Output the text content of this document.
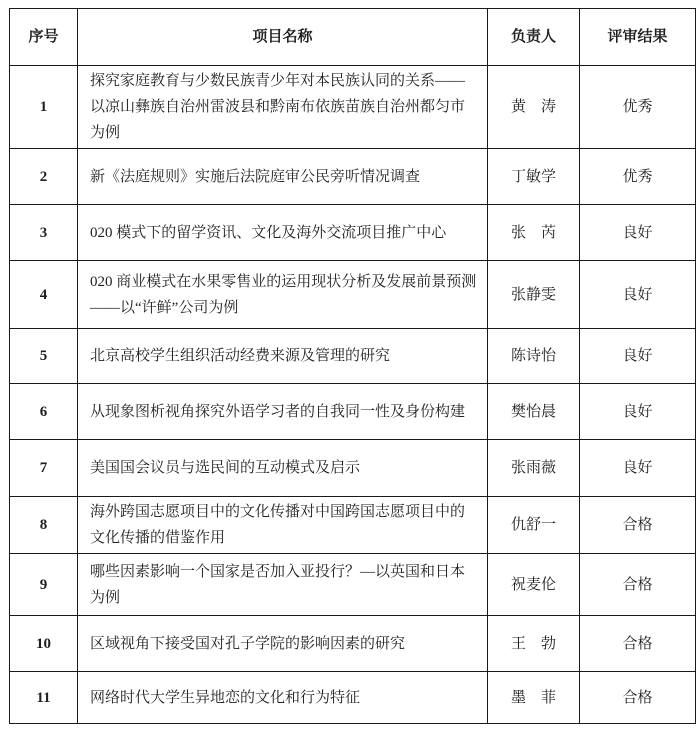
序号	项目名称	负责人	评审结果
1	探究家庭教育与少数民族青少年对本民族认同的关系——以凉山彝族自治州雷波县和黔南布依族苗族自治州都匀市为例	黄　涛	优秀
2	新《法庭规则》实施后法院庭审公民旁听情况调查	丁敏学	优秀
3	020 模式下的留学资讯、文化及海外交流项目推广中心	张　芮	良好
4	020 商业模式在水果零售业的运用现状分析及发展前景预测——以“许鲜”公司为例	张静雯	良好
5	北京高校学生组织活动经费来源及管理的研究	陈诗怡	良好
6	从现象图析视角探究外语学习者的自我同一性及身份构建	樊怡晨	良好
7	美国国会议员与选民间的互动模式及启示	张雨薇	良好
8	海外跨国志愿项目中的文化传播对中国跨国志愿项目中的文化传播的借鉴作用	仇舒一	合格
9	哪些因素影响一个国家是否加入亚投行？—以英国和日本为例	祝麦伦	合格
10	区域视角下接受国对孔子学院的影响因素的研究	王　勃	合格
11	网络时代大学生异地恋的文化和行为特征	墨　菲	合格
